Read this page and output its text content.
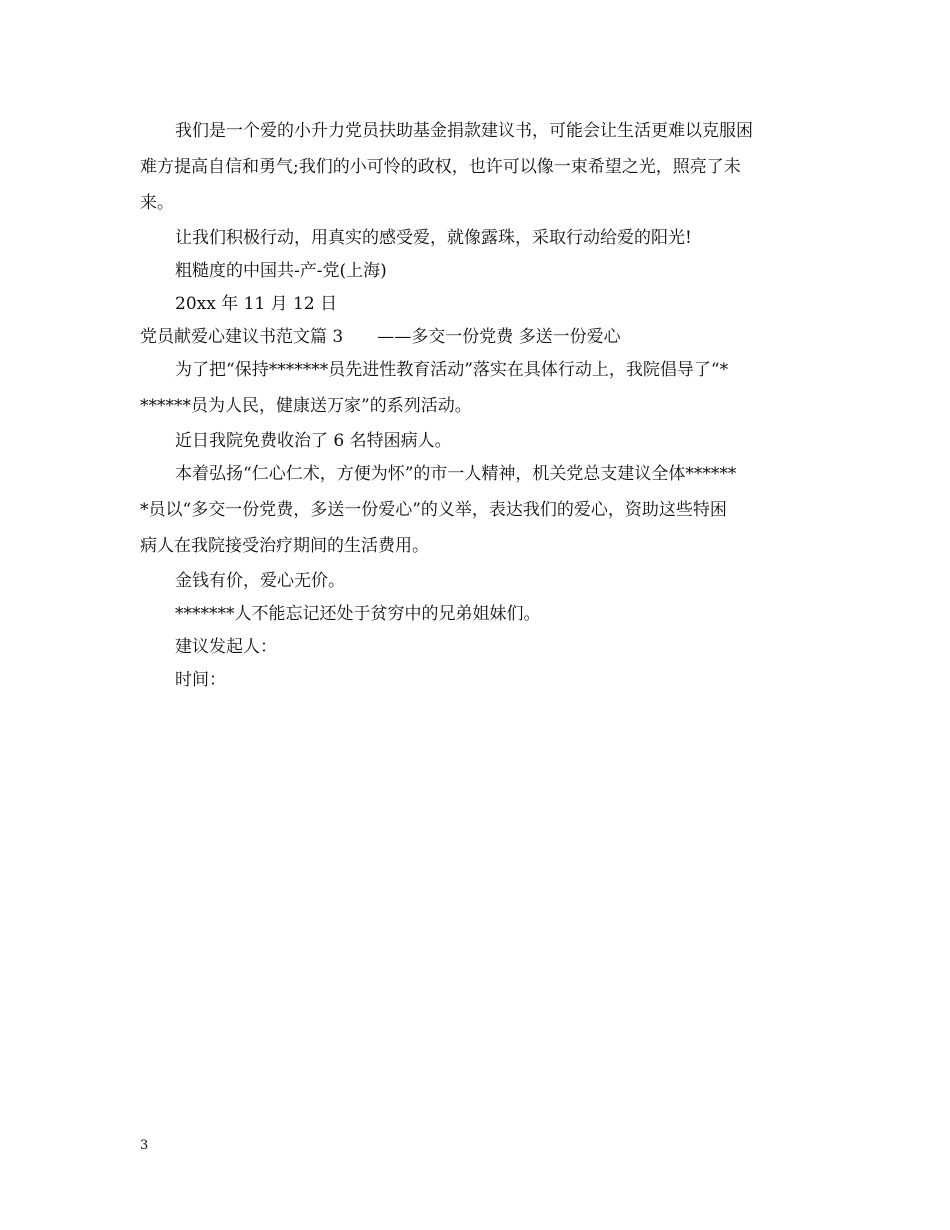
我们是一个爱的小升力党员扶助基金捐款建议书，可能会让生活更难以克服困
难方提高自信和勇气;我们的小可怜的政权，也许可以像一束希望之光，照亮了未
来。
让我们积极行动，用真实的感受爱，就像露珠，采取行动给爱的阳光!
粗糙度的中国共-产-党(上海)
20xx 年 11 月 12 日
党员献爱心建议书范文篇 3　　——多交一份党费 多送一份爱心
为了把“保持*******员先进性教育活动”落实在具体行动上，我院倡导了“*
******员为人民，健康送万家”的系列活动。
近日我院免费收治了 6 名特困病人。
本着弘扬“仁心仁术，方便为怀”的市一人精神，机关党总支建议全体******
*员以“多交一份党费，多送一份爱心”的义举，表达我们的爱心，资助这些特困
病人在我院接受治疗期间的生活费用。
金钱有价，爱心无价。
*******人不能忘记还处于贫穷中的兄弟姐妹们。
建议发起人：
时间：
3
